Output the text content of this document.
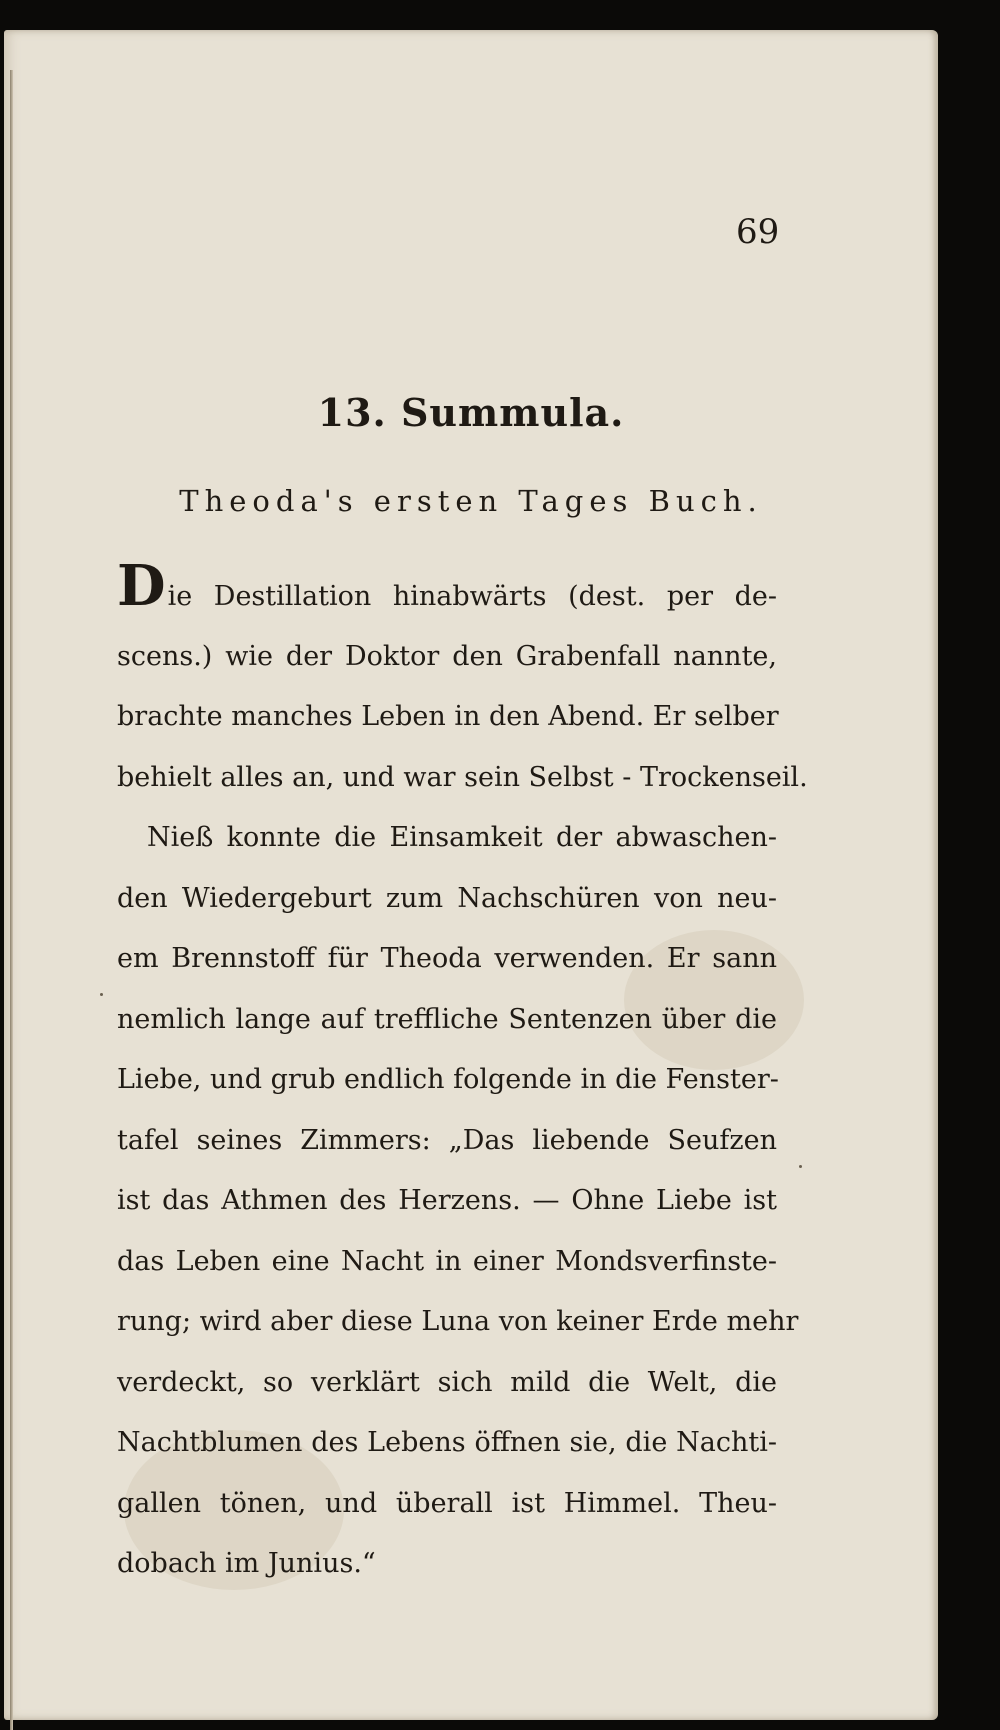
69
13. Summula.
Theoda's ersten Tages Buch.
Die Destillation hinabwärts (dest. per de-
scens.) wie der Doktor den Grabenfall nannte,
brachte manches Leben in den Abend. Er selber
behielt alles an, und war sein Selbst - Trockenseil.
Nieß konnte die Einsamkeit der abwaschen-
den Wiedergeburt zum Nachschüren von neu-
em Brennstoff für Theoda verwenden. Er sann
nemlich lange auf treffliche Sentenzen über die
Liebe, und grub endlich folgende in die Fenster-
tafel seines Zimmers: „Das liebende Seufzen
ist das Athmen des Herzens. — Ohne Liebe ist
das Leben eine Nacht in einer Mondsverfinste-
rung; wird aber diese Luna von keiner Erde mehr
verdeckt, so verklärt sich mild die Welt, die
Nachtblumen des Lebens öffnen sie, die Nachti-
gallen tönen, und überall ist Himmel. Theu-
dobach im Junius.“
